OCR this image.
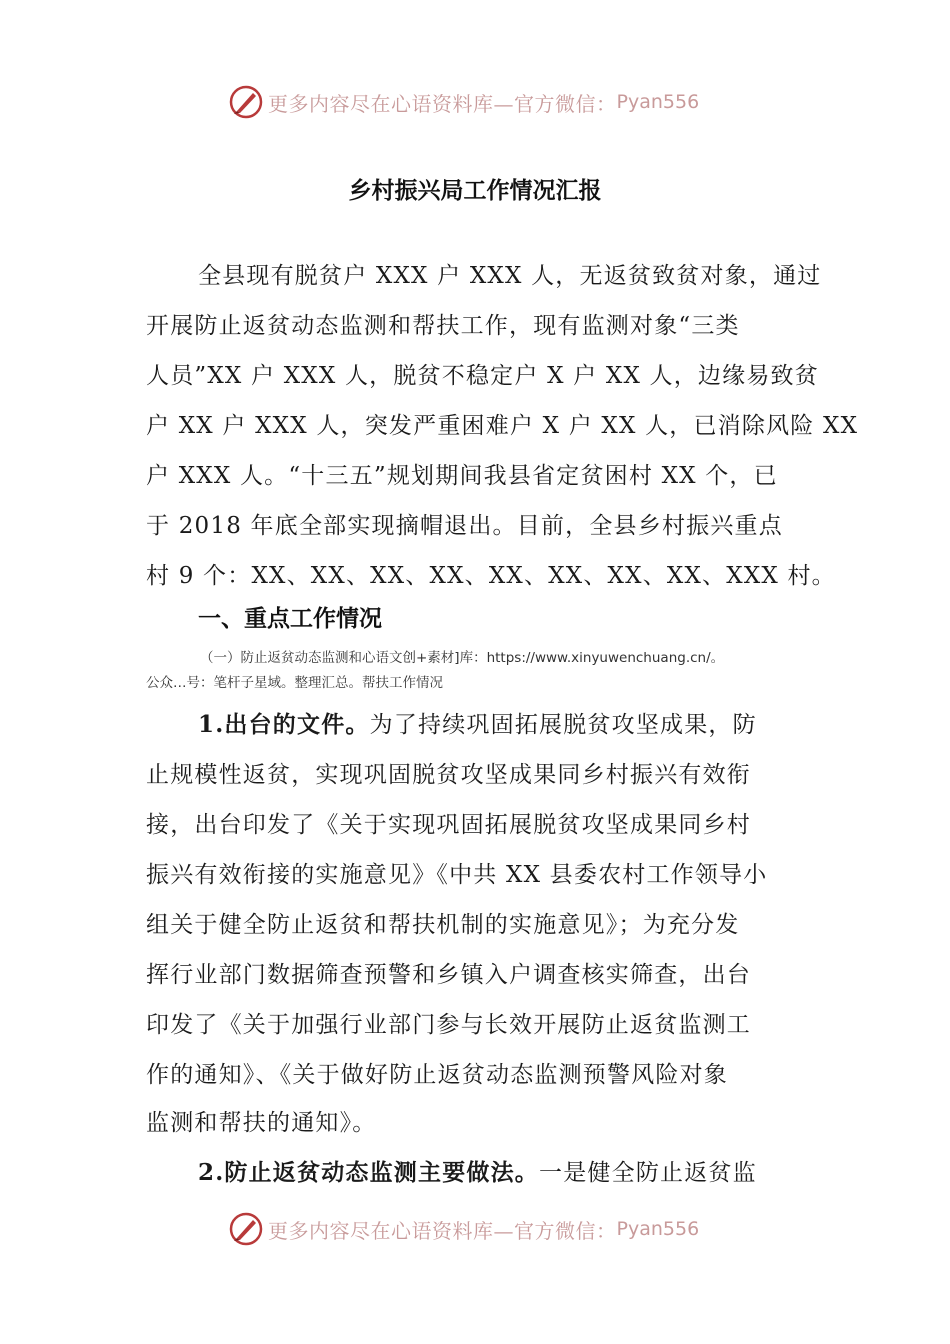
更多内容尽在心语资料库—官方微信： Pyan556
乡村振兴局工作情况汇报
全县现有脱贫户 XXX 户 XXX 人，无返贫致贫对象，通过
开展防止返贫动态监测和帮扶工作，现有监测对象“三类
人员”XX 户 XXX 人，脱贫不稳定户 X 户 XX 人，边缘易致贫
户 XX 户 XXX 人，突发严重困难户 X 户 XX 人，已消除风险 XX
户 XXX 人。“十三五”规划期间我县省定贫困村 XX 个，已
于 2018 年底全部实现摘帽退出。目前，全县乡村振兴重点
村 9 个：XX、XX、XX、XX、XX、XX、XX、XX、XXX 村。
一、重点工作情况
（一）防止返贫动态监测和心语文创+素材]库：https://www.xinyuwenchuang.cn/。
公众…号：笔杆子星域。整理汇总。帮扶工作情况
1.出台的文件。为了持续巩固拓展脱贫攻坚成果，防
止规模性返贫，实现巩固脱贫攻坚成果同乡村振兴有效衔
接，出台印发了《关于实现巩固拓展脱贫攻坚成果同乡村
振兴有效衔接的实施意见》《中共 XX 县委农村工作领导小
组关于健全防止返贫和帮扶机制的实施意见》；为充分发
挥行业部门数据筛查预警和乡镇入户调查核实筛查，出台
印发了《关于加强行业部门参与长效开展防止返贫监测工
作的通知》、《关于做好防止返贫动态监测预警风险对象
监测和帮扶的通知》。
2.防止返贫动态监测主要做法。一是健全防止返贫监
更多内容尽在心语资料库—官方微信： Pyan556
